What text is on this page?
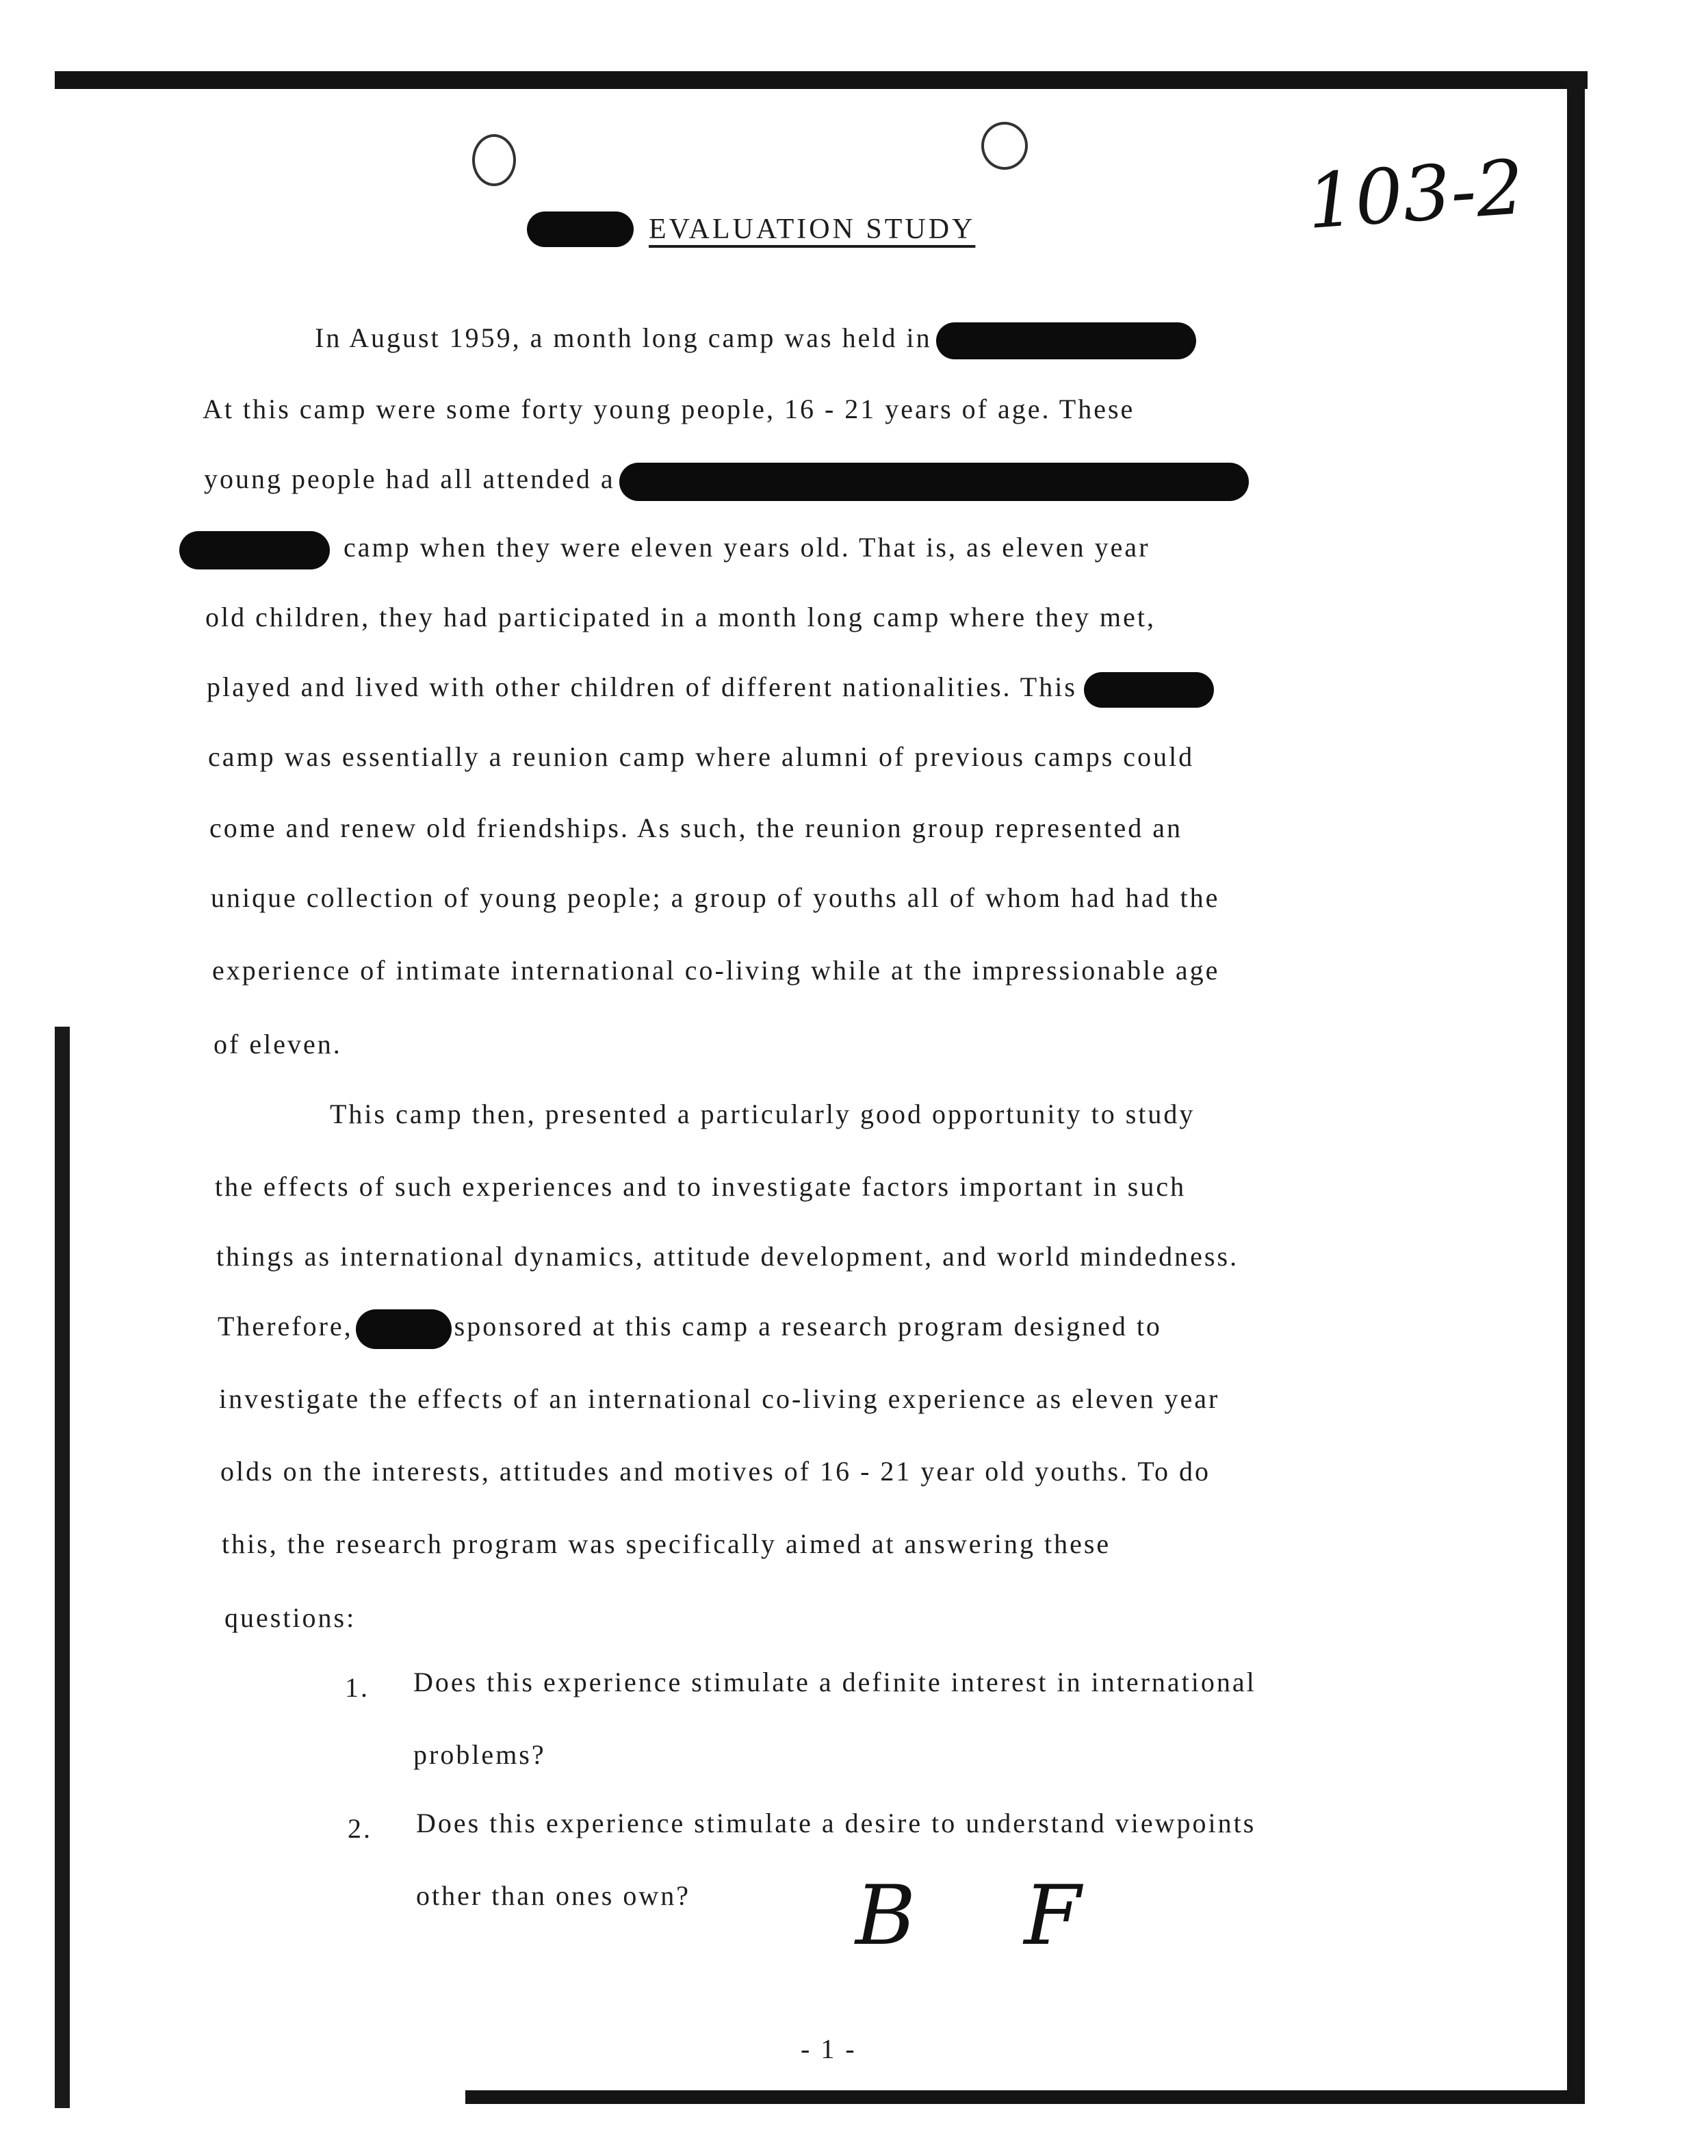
103-2
EVALUATION STUDY
In August 1959, a month long camp was held in
At this camp were some forty young people, 16 - 21 years of age. These
young people had all attended a
camp when they were eleven years old. That is, as eleven year
old children, they had participated in a month long camp where they met,
played and lived with other children of different nationalities. This
camp was essentially a reunion camp where alumni of previous camps could
come and renew old friendships. As such, the reunion group represented an
unique collection of young people; a group of youths all of whom had had the
experience of intimate international co-living while at the impressionable age
of eleven.
This camp then, presented a particularly good opportunity to study
the effects of such experiences and to investigate factors important in such
things as international dynamics, attitude development, and world mindedness.
Therefore,	sponsored at this camp a research program designed to
investigate the effects of an international co-living experience as eleven year
olds on the interests, attitudes and motives of 16 - 21 year old youths. To do
this, the research program was specifically aimed at answering these
questions:
1. Does this experience stimulate a definite interest in international
problems?
2. Does this experience stimulate a desire to understand viewpoints
other than ones own? B F
- 1 -
